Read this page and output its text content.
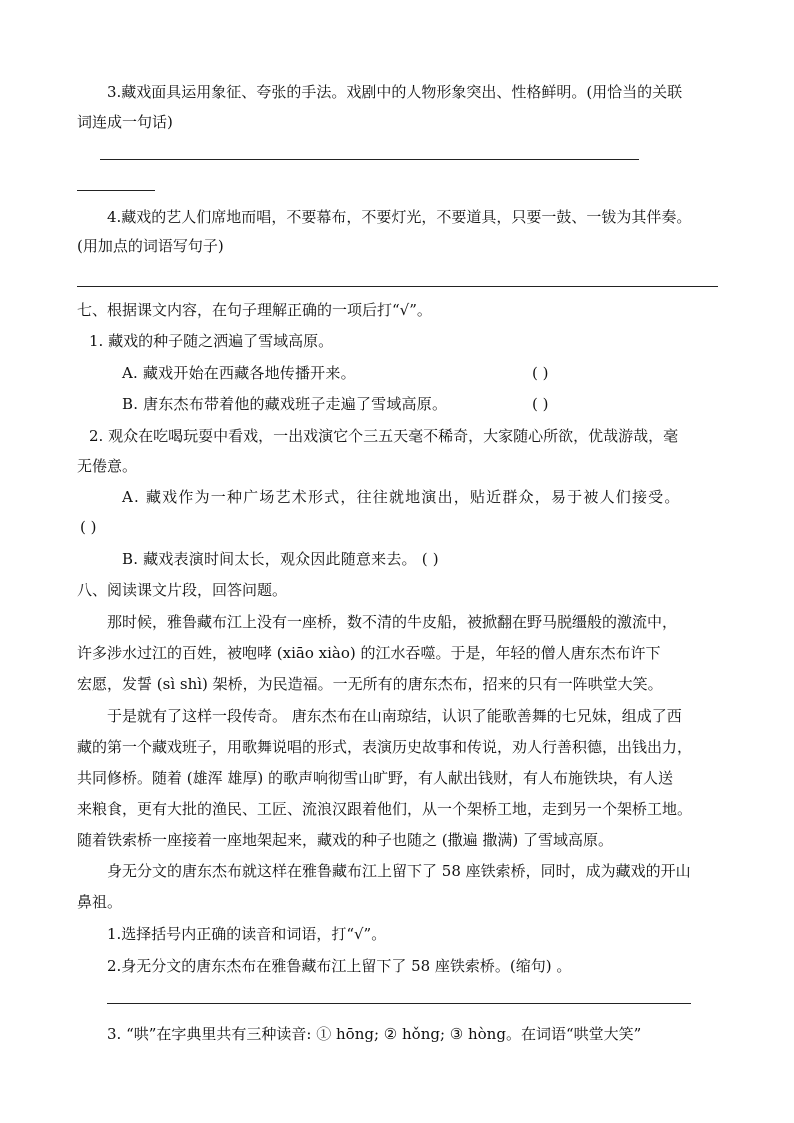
3.藏戏面具运用象征、夸张的手法。戏剧中的人物形象突出、性格鲜明。(用恰当的关联
词连成一句话)
4.藏戏的艺人们席地而唱，不要幕布，不要灯光，不要道具，只要一鼓、一钹为其伴奏。
(用加点的词语写句子)
七、根据课文内容，在句子理解正确的一项后打“√”。
1. 藏戏的种子随之洒遍了雪域高原。
A. 藏戏开始在西藏各地传播开来。	( )
B. 唐东杰布带着他的藏戏班子走遍了雪域高原。	( )
2. 观众在吃喝玩耍中看戏，一出戏演它个三五天毫不稀奇，大家随心所欲，优哉游哉，毫
无倦意。
A. 藏戏作为一种广场艺术形式，往往就地演出，贴近群众，易于被人们接受。
( )
B. 藏戏表演时间太长，观众因此随意来去。 ( )
八、阅读课文片段，回答问题。
那时候，雅鲁藏布江上没有一座桥，数不清的牛皮船，被掀翻在野马脱缰般的激流中，
许多涉水过江的百姓，被咆哮 (xiāo xiào) 的江水吞噬。于是，年轻的僧人唐东杰布许下
宏愿，发誓 (sì shì) 架桥，为民造福。一无所有的唐东杰布，招来的只有一阵哄堂大笑。
于是就有了这样一段传奇。 唐东杰布在山南琼结，认识了能歌善舞的七兄妹，组成了西
藏的第一个藏戏班子，用歌舞说唱的形式，表演历史故事和传说，劝人行善积德，出钱出力，
共同修桥。随着 (雄浑 雄厚) 的歌声响彻雪山旷野，有人献出钱财，有人布施铁块，有人送
来粮食，更有大批的渔民、工匠、流浪汉跟着他们，从一个架桥工地，走到另一个架桥工地。
随着铁索桥一座接着一座地架起来，藏戏的种子也随之 (撒遍 撒满) 了雪域高原。
身无分文的唐东杰布就这样在雅鲁藏布江上留下了 58 座铁索桥，同时，成为藏戏的开山
鼻祖。
1.选择括号内正确的读音和词语，打“√”。
2.身无分文的唐东杰布在雅鲁藏布江上留下了 58 座铁索桥。(缩句) 。
3. “哄”在字典里共有三种读音: ① hōng; ② hǒng; ③ hòng。在词语“哄堂大笑”
